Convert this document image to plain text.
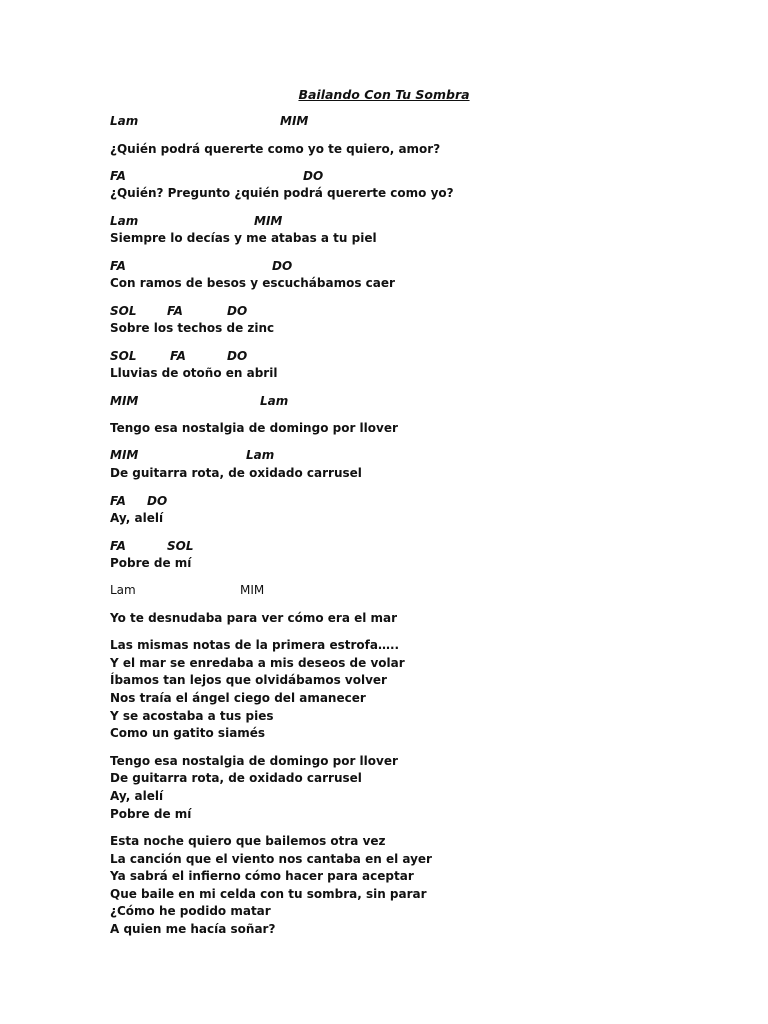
Bailando Con Tu Sombra
Lam	MIM
¿Quién podrá quererte como yo te quiero, amor?
FA	DO
¿Quién? Pregunto ¿quién podrá quererte como yo?
Lam	MIM
Siempre lo decías y me atabas a tu piel
FA	DO
Con ramos de besos y escuchábamos caer
SOL	FA	DO
Sobre los techos de zinc
SOL	FA	DO
Lluvias de otoño en abril
MIM	Lam
Tengo esa nostalgia de domingo por llover
MIM	Lam
De guitarra rota, de oxidado carrusel
FA DO
Ay, alelí
FA	SOL
Pobre de mí
Lam	MIM
Yo te desnudaba para ver cómo era el mar
Las mismas notas de la primera estrofa…..
Y el mar se enredaba a mis deseos de volar
Íbamos tan lejos que olvidábamos volver
Nos traía el ángel ciego del amanecer
Y se acostaba a tus pies
Como un gatito siamés
Tengo esa nostalgia de domingo por llover
De guitarra rota, de oxidado carrusel
Ay, alelí
Pobre de mí
Esta noche quiero que bailemos otra vez
La canción que el viento nos cantaba en el ayer
Ya sabrá el infierno cómo hacer para aceptar
Que baile en mi celda con tu sombra, sin parar
¿Cómo he podido matar
A quien me hacía soñar?
